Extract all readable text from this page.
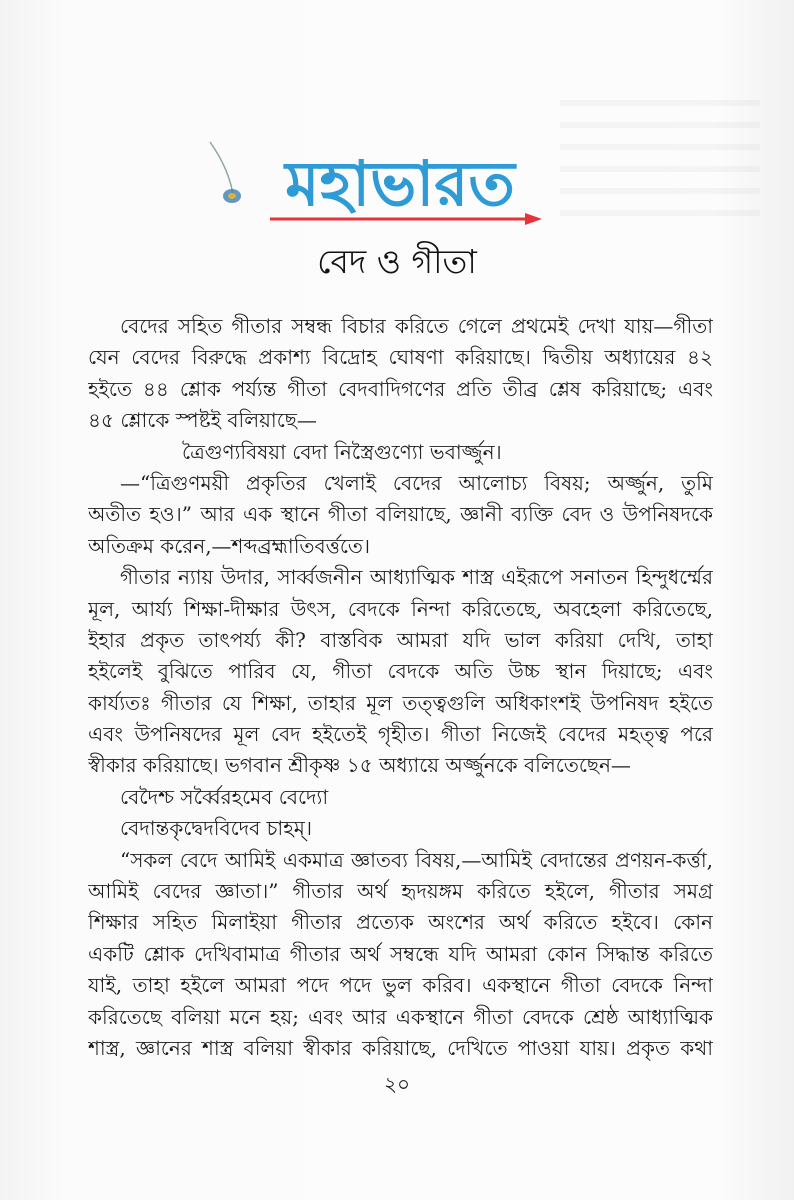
মহাভারত
বেদ ও গীতা
বেদের সহিত গীতার সম্বন্ধ বিচার করিতে গেলে প্রথমেই দেখা যায়—গীতা
যেন বেদের বিরুদ্ধে প্রকাশ্য বিদ্রোহ ঘোষণা করিয়াছে। দ্বিতীয় অধ্যায়ের ৪২
হইতে ৪৪ শ্লোক পর্য্যন্ত গীতা বেদবাদিগণের প্রতি তীব্র শ্লেষ করিয়াছে; এবং
৪৫ শ্লোকে স্পষ্টই বলিয়াছে—
ত্রৈগুণ্যবিষয়া বেদা নিস্ত্রৈগুণ্যো ভবার্জ্জুন।
—“ত্রিগুণময়ী প্রকৃতির খেলাই বেদের আলোচ্য বিষয়; অর্জ্জুন, তুমি
অতীত হও।” আর এক স্থানে গীতা বলিয়াছে, জ্ঞানী ব্যক্তি বেদ ও উপনিষদকে
অতিক্রম করেন,—শব্দব্রহ্মাতিবর্ত্ততে।
গীতার ন্যায় উদার, সার্ব্বজনীন আধ্যাত্মিক শাস্ত্র এইরূপে সনাতন হিন্দুধর্ম্মের
মূল, আর্য্য শিক্ষা-দীক্ষার উৎস, বেদকে নিন্দা করিতেছে, অবহেলা করিতেছে,
ইহার প্রকৃত তাৎপর্য্য কী? বাস্তবিক আমরা যদি ভাল করিয়া দেখি, তাহা
হইলেই বুঝিতে পারিব যে, গীতা বেদকে অতি উচ্চ স্থান দিয়াছে; এবং
কার্য্যতঃ গীতার যে শিক্ষা, তাহার মূল তত্ত্বগুলি অধিকাংশই উপনিষদ হইতে
এবং উপনিষদের মূল বেদ হইতেই গৃহীত। গীতা নিজেই বেদের মহত্ত্ব পরে
স্বীকার করিয়াছে। ভগবান শ্রীকৃষ্ণ ১৫ অধ্যায়ে অর্জ্জুনকে বলিতেছেন—
বেদৈশ্চ সর্ব্বৈরহমেব বেদ্যো
বেদান্তকৃদ্বেদবিদেব চাহম্।
“সকল বেদে আমিই একমাত্র জ্ঞাতব্য বিষয়,—আমিই বেদান্তের প্রণয়ন-কর্ত্তা,
আমিই বেদের জ্ঞাতা।” গীতার অর্থ হৃদয়ঙ্গম করিতে হইলে, গীতার সমগ্র
শিক্ষার সহিত মিলাইয়া গীতার প্রত্যেক অংশের অর্থ করিতে হইবে। কোন
একটি শ্লোক দেখিবামাত্র গীতার অর্থ সম্বন্ধে যদি আমরা কোন সিদ্ধান্ত করিতে
যাই, তাহা হইলে আমরা পদে পদে ভুল করিব। একস্থানে গীতা বেদকে নিন্দা
করিতেছে বলিয়া মনে হয়; এবং আর একস্থানে গীতা বেদকে শ্রেষ্ঠ আধ্যাত্মিক
শাস্ত্র, জ্ঞানের শাস্ত্র বলিয়া স্বীকার করিয়াছে, দেখিতে পাওয়া যায়। প্রকৃত কথা
২০
